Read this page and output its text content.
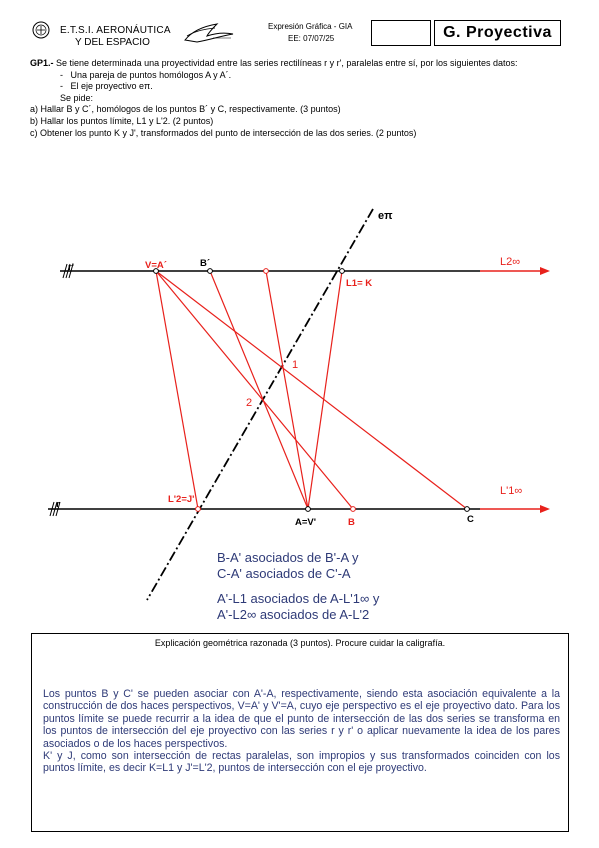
E.T.S.I. AERONÁUTICA
Y DEL ESPACIO
Expresión Gráfica - GIA
EE: 07/07/25	G. Proyectiva

GP1.- Se tiene determinada una proyectividad entre las series rectilíneas r y r', paralelas entre sí, por los siguientes datos:

-   Una pareja de puntos homólogos A y A´.

-   El eje proyectivo eπ.

Se pide:

a) Hallar B y C´, homólogos de los puntos B´ y C, respectivamente. (3 puntos)

b) Hallar los puntos límite, L1 y L'2. (2 puntos)

c) Obtener los punto K y J', transformados del punto de intersección de las dos series. (2 puntos)

r'
r
V=A´	B´
L1= K
L2∞
L'2=J'
A=V'	B	C
L'1∞
eπ
1
2

B-A' asociados de B'-A y

C-A' asociados de C'-A

A'-L1 asociados de A-L'1∞ y

A'-L2∞ asociados de A-L'2

Explicación geométrica razonada (3 puntos). Procure cuidar la caligrafía.

Los puntos B y C' se pueden asociar con A'-A, respectivamente, siendo esta asociación equivalente a la construcción de dos haces perspectivos, V=A' y V'=A, cuyo eje perspectivo es el eje proyectivo dato. Para los puntos límite se puede recurrir a la idea de que el punto de intersección de las dos series se transforma en los puntos de intersección del eje proyectivo con las series r y r' o aplicar nuevamente la idea de los pares asociados o de los haces perspectivos.

K' y J, como son intersección de rectas paralelas, son impropios y sus transformados coinciden con los puntos límite, es decir K=L1 y J'=L'2, puntos de intersección con el eje proyectivo.
